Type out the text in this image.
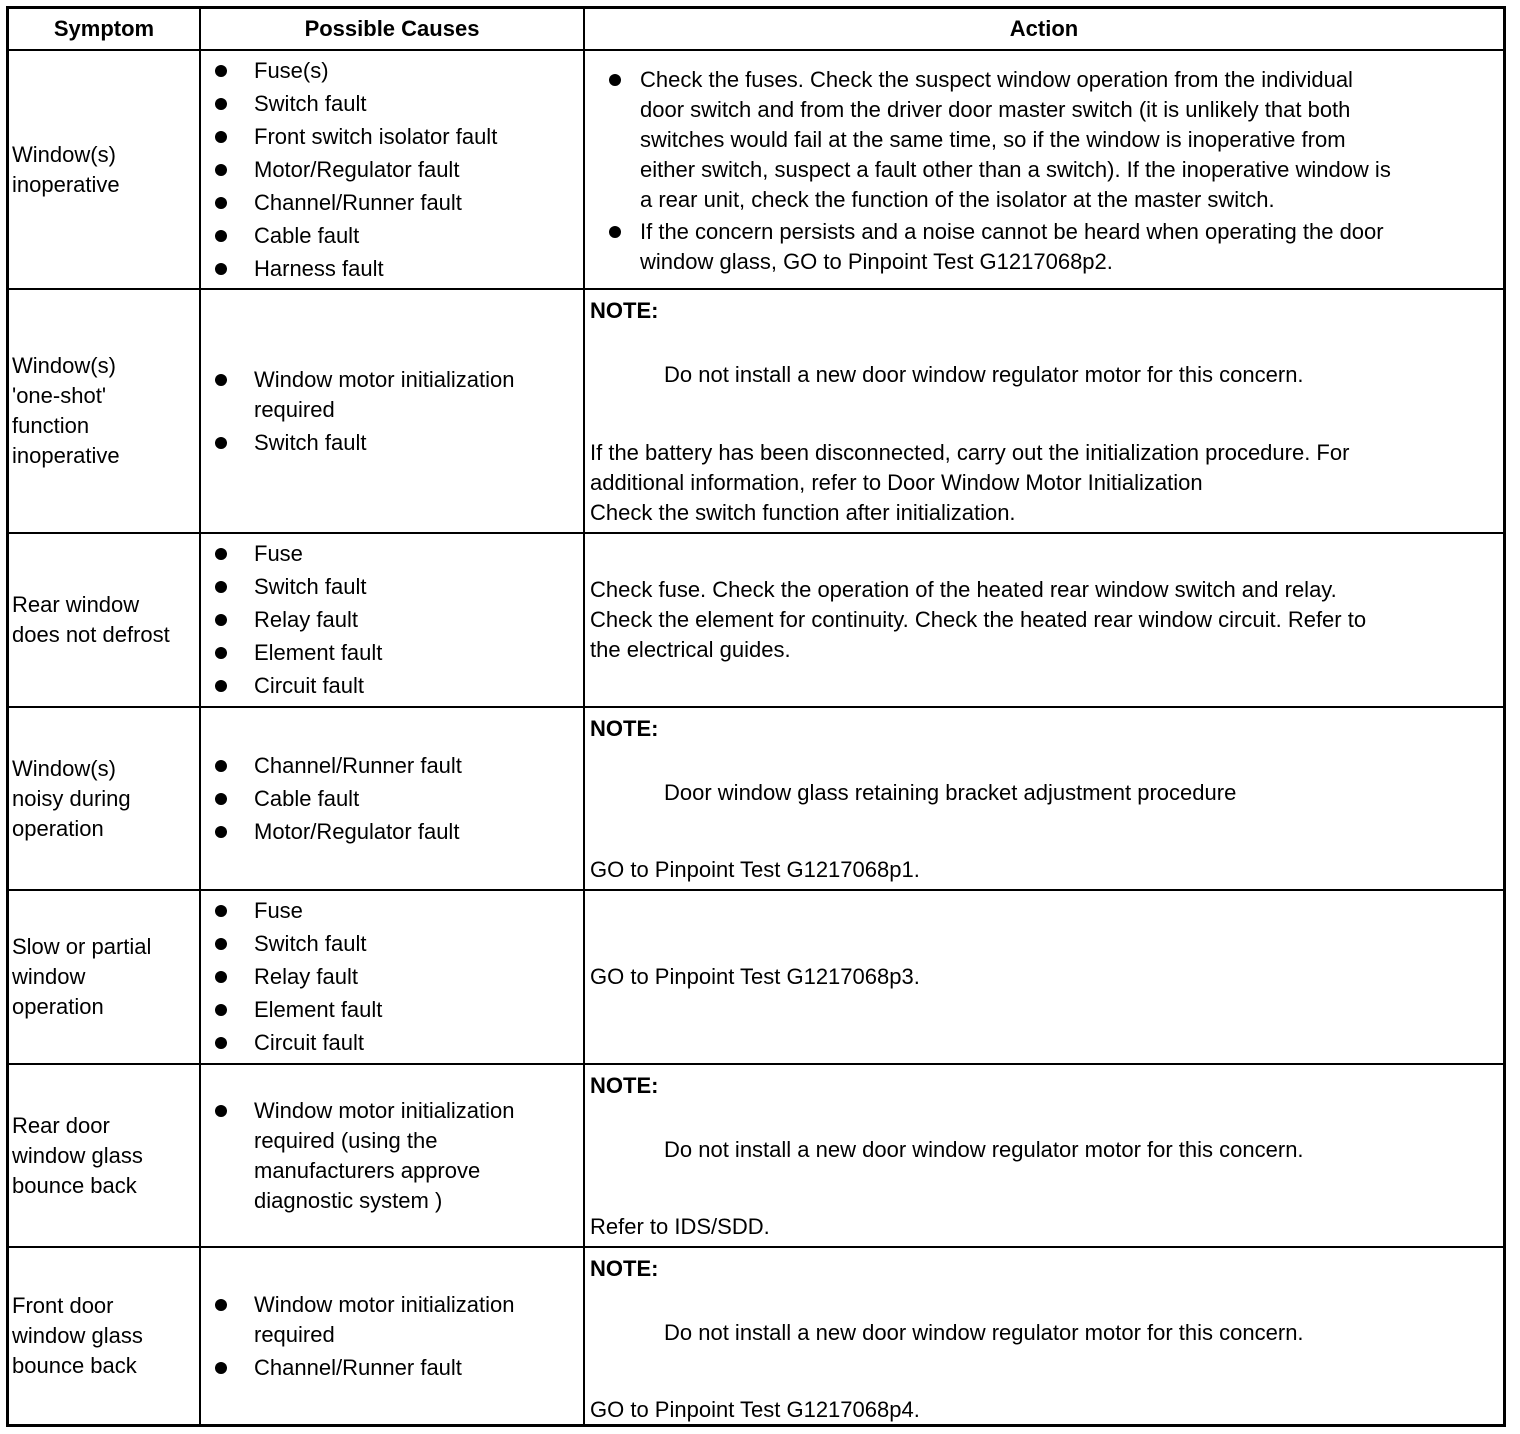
Symptom	Possible Causes	Action
Window(s)
inoperative
Fuse(s)
Switch fault
Front switch isolator fault
Motor/Regulator fault
Channel/Runner fault
Cable fault
Harness fault
Check the fuses. Check the suspect window operation from the individual
door switch and from the driver door master switch (it is unlikely that both
switches would fail at the same time, so if the window is inoperative from
either switch, suspect a fault other than a switch). If the inoperative window is
a rear unit, check the function of the isolator at the master switch.
If the concern persists and a noise cannot be heard when operating the door
window glass, GO to Pinpoint Test G1217068p2.
Window(s)
'one-shot'
function
inoperative
Window motor initialization
required
Switch fault
NOTE:
Do not install a new door window regulator motor for this concern.
If the battery has been disconnected, carry out the initialization procedure. For
additional information, refer to Door Window Motor Initialization
Check the switch function after initialization.
Rear window
does not defrost
Fuse
Switch fault
Relay fault
Element fault
Circuit fault
Check fuse. Check the operation of the heated rear window switch and relay.
Check the element for continuity. Check the heated rear window circuit. Refer to
the electrical guides.
Window(s)
noisy during
operation
Channel/Runner fault
Cable fault
Motor/Regulator fault
NOTE:
Door window glass retaining bracket adjustment procedure
GO to Pinpoint Test G1217068p1.
Slow or partial
window
operation
Fuse
Switch fault
Relay fault
Element fault
Circuit fault
GO to Pinpoint Test G1217068p3.
Rear door
window glass
bounce back
Window motor initialization
required (using the
manufacturers approve
diagnostic system )
NOTE:
Do not install a new door window regulator motor for this concern.
Refer to IDS/SDD.
Front door
window glass
bounce back
Window motor initialization
required
Channel/Runner fault
NOTE:
Do not install a new door window regulator motor for this concern.
GO to Pinpoint Test G1217068p4.
